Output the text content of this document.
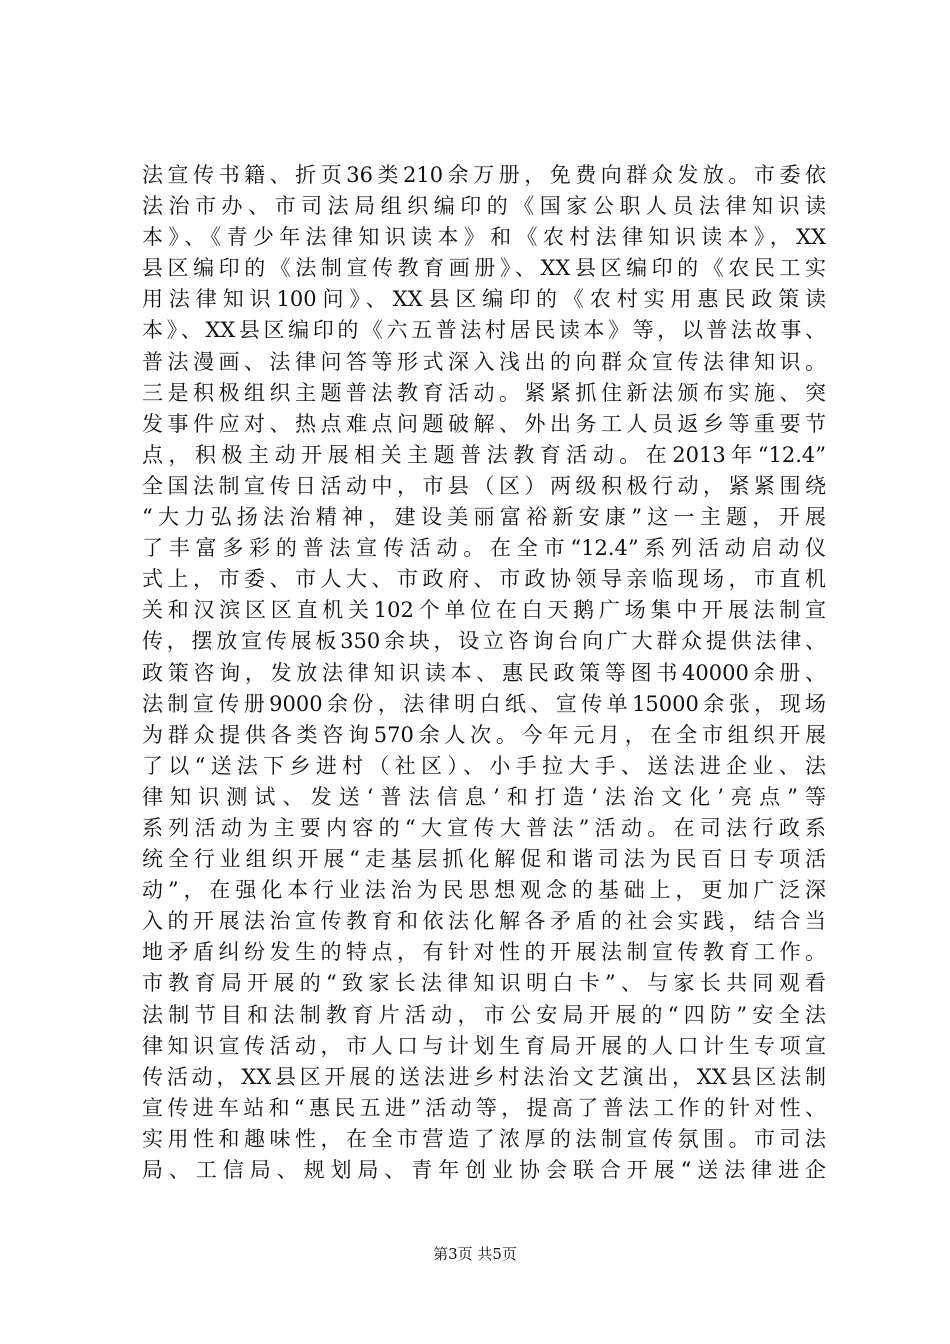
法宣传书籍、折页36类210余万册，免费向群众发放。市委依
法治市办、市司法局组织编印的《国家公职人员法律知识读
本》、《青少年法律知识读本》和《农村法律知识读本》，XX
县区编印的《法制宣传教育画册》、XX县区编印的《农民工实
用法律知识100问》、XX县区编印的《农村实用惠民政策读
本》、XX县区编印的《六五普法村居民读本》等，以普法故事、
普法漫画、法律问答等形式深入浅出的向群众宣传法律知识。
三是积极组织主题普法教育活动。紧紧抓住新法颁布实施、突
发事件应对、热点难点问题破解、外出务工人员返乡等重要节
点，积极主动开展相关主题普法教育活动。在2013年“12.4”
全国法制宣传日活动中，市县（区）两级积极行动，紧紧围绕
“大力弘扬法治精神，建设美丽富裕新安康”这一主题，开展
了丰富多彩的普法宣传活动。在全市“12.4”系列活动启动仪
式上，市委、市人大、市政府、市政协领导亲临现场，市直机
关和汉滨区区直机关102个单位在白天鹅广场集中开展法制宣
传，摆放宣传展板350余块，设立咨询台向广大群众提供法律、
政策咨询，发放法律知识读本、惠民政策等图书40000余册、
法制宣传册9000余份，法律明白纸、宣传单15000余张，现场
为群众提供各类咨询570余人次。今年元月，在全市组织开展
了以“送法下乡进村（社区）、小手拉大手、送法进企业、法
律知识测试、发送‘普法信息’和打造‘法治文化’亮点”等
系列活动为主要内容的“大宣传大普法”活动。在司法行政系
统全行业组织开展“走基层抓化解促和谐司法为民百日专项活
动”，在强化本行业法治为民思想观念的基础上，更加广泛深
入的开展法治宣传教育和依法化解各矛盾的社会实践，结合当
地矛盾纠纷发生的特点，有针对性的开展法制宣传教育工作。
市教育局开展的“致家长法律知识明白卡”、与家长共同观看
法制节目和法制教育片活动，市公安局开展的“四防”安全法
律知识宣传活动，市人口与计划生育局开展的人口计生专项宣
传活动，XX县区开展的送法进乡村法治文艺演出，XX县区法制
宣传进车站和“惠民五进”活动等，提高了普法工作的针对性、
实用性和趣味性，在全市营造了浓厚的法制宣传氛围。市司法
局、工信局、规划局、青年创业协会联合开展“送法律进企
第3页 共5页
